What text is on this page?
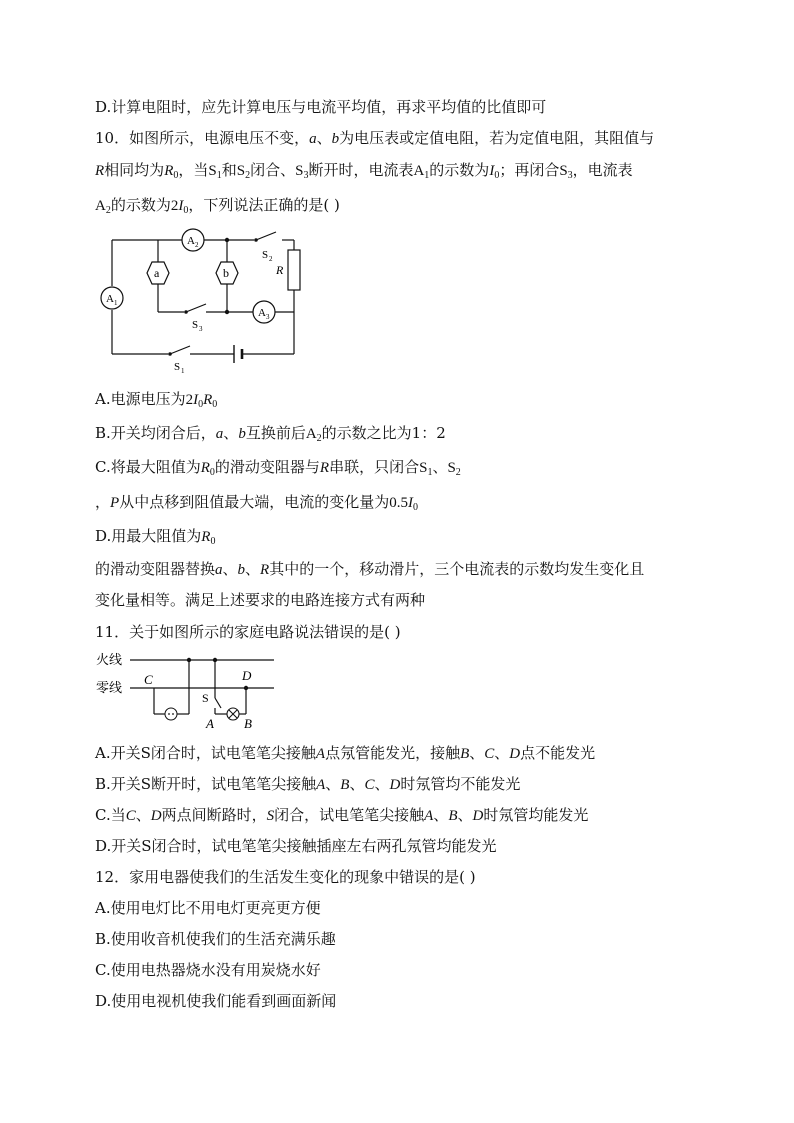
D.计算电阻时，应先计算电压与电流平均值，再求平均值的比值即可
10．如图所示，电源电压不变，a、b为电压表或定值电阻，若为定值电阻，其阻值与
R相同均为$R_0$，当$S_1$和$S_2$闭合、$S_3$断开时，电流表$A_1$的示数为$I_0$；再闭合$S_3$，电流表
$A_2$的示数为$2I_0$，下列说法正确的是( )
A 2
A 1
A 3
a	b	R
S 2
S 3
S 1
A.电源电压为$2I_0R_0$
B.开关均闭合后，a、b互换前后$A_2$的示数之比为1：2
C.将最大阻值为$R_0$的滑动变阻器与R串联，只闭合$S_1$、$S_2$
，P从中点移到阻值最大端，电流的变化量为$0.5I_0$
D.用最大阻值为$R_0$
的滑动变阻器替换a、b、R其中的一个，移动滑片，三个电流表的示数均发生变化且
变化量相等。满足上述要求的电路连接方式有两种
11．关于如图所示的家庭电路说法错误的是( )
火线
零线
S
C	D
A B
A.开关S闭合时，试电笔笔尖接触A点氖管能发光，接触B、C、D点不能发光
B.开关S断开时，试电笔笔尖接触A、B、C、D时氖管均不能发光
C.当C、D两点间断路时，S闭合，试电笔笔尖接触A、B、D时氖管均能发光
D.开关S闭合时，试电笔笔尖接触插座左右两孔氖管均能发光
12．家用电器使我们的生活发生变化的现象中错误的是( )
A.使用电灯比不用电灯更亮更方便
B.使用收音机使我们的生活充满乐趣
C.使用电热器烧水没有用炭烧水好
D.使用电视机使我们能看到画面新闻
